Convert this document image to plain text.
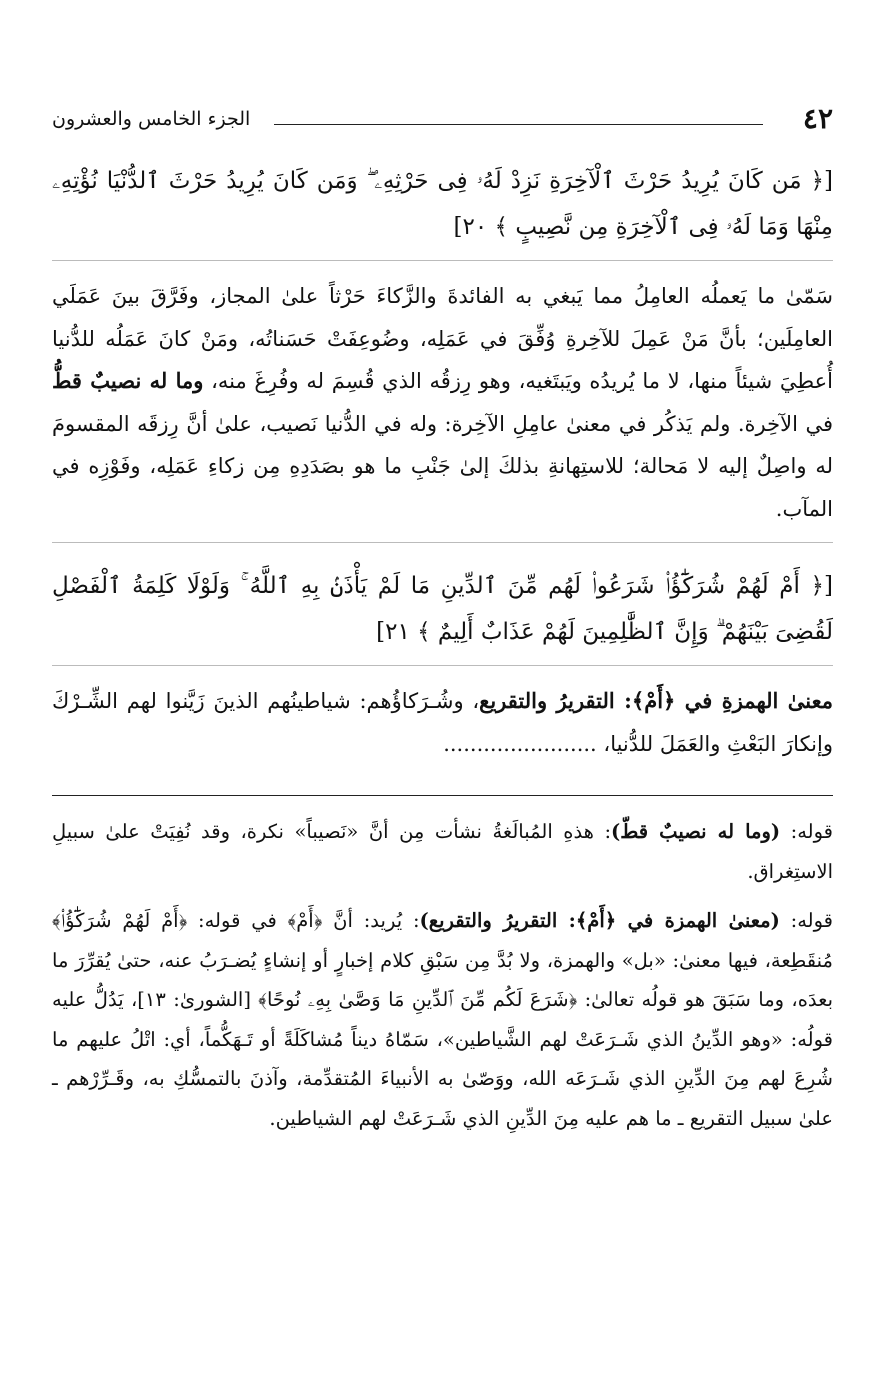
٤٢
الجزء الخامس والعشرون

[﴿ مَن كَانَ يُرِيدُ حَرْثَ ٱلْآخِرَةِ نَزِدْ لَهُۥ فِى حَرْثِهِۦ ۖ وَمَن كَانَ يُرِيدُ حَرْثَ ٱلدُّنْيَا نُؤْتِهِۦ مِنْهَا وَمَا لَهُۥ فِى ٱلْآخِرَةِ مِن نَّصِيبٍ ﴾ ٢٠]

سَمّىٰ ما يَعملُه العامِلُ مما يَبغي به الفائدةَ والزَّكاءَ حَرْثاً علىٰ المجاز، وفَرَّقَ بينَ عَمَلَي العامِلَين؛ بأنَّ مَنْ عَمِلَ للآخِرةِ وُفِّقَ في عَمَلِه، وضُوعِفَتْ حَسَناتُه، ومَنْ كانَ عَمَلُه للدُّنيا أُعطِيَ شيئاً منها، لا ما يُريدُه ويَبتَغيه، وهو رِزقُه الذي قُسِمَ له وفُرِغَ منه، وما له نصيبٌ قطُّ في الآخِرة. ولم يَذكُر في معنىٰ عامِلِ الآخِرة: وله في الدُّنيا نَصيب، علىٰ أنَّ رِزقَه المقسومَ له واصِلٌ إليه لا مَحالة؛ للاستِهانةِ بذلكَ إلىٰ جَنْبِ ما هو بصَدَدِهِ مِن زكاءِ عَمَلِه، وفَوْزِه في المآب.

[﴿ أَمْ لَهُمْ شُرَكَٰٓؤُا۟ شَرَعُوا۟ لَهُم مِّنَ ٱلدِّينِ مَا لَمْ يَأْذَنۢ بِهِ ٱللَّهُ ۚ وَلَوْلَا كَلِمَةُ ٱلْفَصْلِ لَقُضِىَ بَيْنَهُمْ ۗ وَإِنَّ ٱلظَّٰلِمِينَ لَهُمْ عَذَابٌ أَلِيمٌ ﴾ ٢١]

معنىٰ الهمزةِ في ﴿أَمْ﴾: التقريرُ والتقريع، وشُـرَكاؤُهم: شياطينُهم الذينَ زَيَّنوا لهم الشِّـرْكَ وإنكارَ البَعْثِ والعَمَلَ للدُّنيا، .......................

قوله: (وما له نصيبٌ قطّ): هذهِ المُبالَغةُ نشأت مِن أنَّ «نَصيباً» نكرة، وقد نُفِيَتْ علىٰ سبيلِ الاستِغراق.

قوله: (معنىٰ الهمزة في ﴿أَمْ﴾: التقريرُ والتقريع): يُريد: أنَّ ﴿أَمْ﴾ في قوله: ﴿أَمْ لَهُمْ شُرَكَٰٓؤُا۟﴾ مُنقَطِعة، فيها معنىٰ: «بل» والهمزة، ولا بُدَّ مِن سَبْقِ كلام إخبارٍ أو إنشاءٍ يُضـرَبُ عنه، حتىٰ يُقرِّرَ ما بعدَه، وما سَبَقَ هو قولُه تعالىٰ: ﴿شَرَعَ لَكُم مِّنَ ٱلدِّينِ مَا وَصَّىٰ بِهِۦ نُوحًا﴾ [الشورىٰ: ١٣]، يَدُلُّ عليه قولُه: «وهو الدِّينُ الذي شَـرَعَتْ لهم الشَّياطين»، سَمّاهُ ديناً مُشاكَلَةً أو تَـهَكُّماً، أي: اتْلُ عليهم ما شُرِعَ لهم مِنَ الدِّينِ الذي شَـرَعَه الله، ووَصّىٰ به الأنبياءَ المُتقدِّمة، وآذنَ بالتمسُّكِ به، وقَـرِّرْهم ـ علىٰ سبيل التقريع ـ ما هم عليه مِنَ الدِّينِ الذي شَـرَعَتْ لهم الشياطين.
